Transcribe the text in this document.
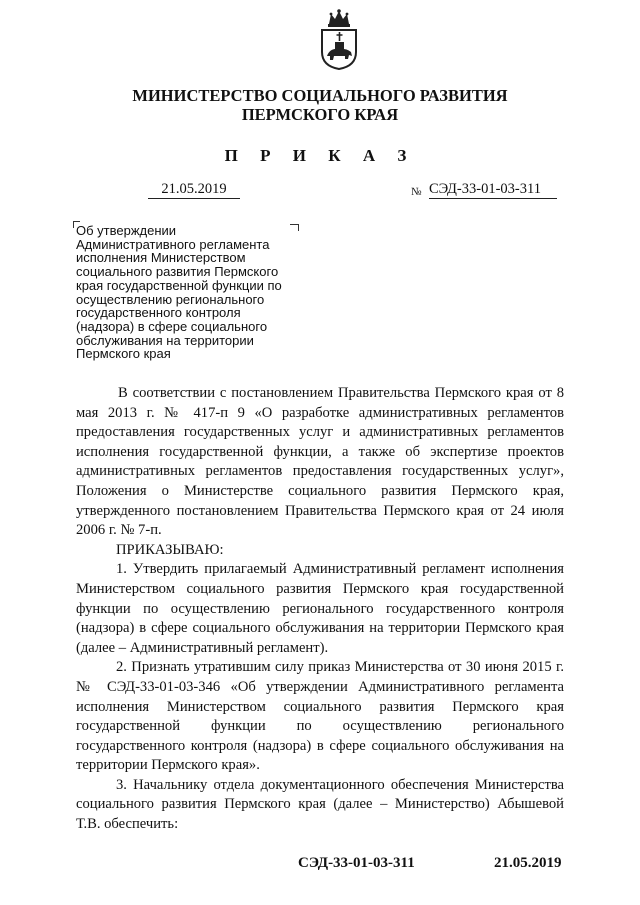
МИНИСТЕРСТВО СОЦИАЛЬНОГО РАЗВИТИЯ
ПЕРМСКОГО КРАЯ
П Р И К А З
21.05.2019	№ СЭД-33-01-03-311
Об утверждении
Административного регламента
исполнения Министерством
социального развития Пермского
края государственной функции по
осуществлению регионального
государственного контроля
(надзора) в сфере социального
обслуживания на территории
Пермского края
В соответствии с постановлением Правительства Пермского края от 8 мая 2013 г. № 417-п 9 «О разработке административных регламентов предоставления государственных услуг и административных регламентов исполнения государственной функции, а также об экспертизе проектов административных регламентов предоставления государственных услуг», Положения о Министерстве социального развития Пермского края, утвержденного постановлением Правительства Пермского края от 24 июля 2006 г. № 7-п.
ПРИКАЗЫВАЮ:
1. Утвердить прилагаемый Административный регламент исполнения Министерством социального развития Пермского края государственной функции по осуществлению регионального государственного контроля (надзора) в сфере социального обслуживания на территории Пермского края (далее – Административный регламент).
2. Признать утратившим силу приказ Министерства от 30 июня 2015 г. № СЭД-33-01-03-346 «Об утверждении Административного регламента исполнения Министерством социального развития Пермского края государственной функции по осуществлению регионального государственного контроля (надзора) в сфере социального обслуживания на территории Пермского края».
3. Начальнику отдела документационного обеспечения Министерства социального развития Пермского края (далее – Министерство) Абышевой Т.В. обеспечить:
СЭД-33-01-03-311	21.05.2019
